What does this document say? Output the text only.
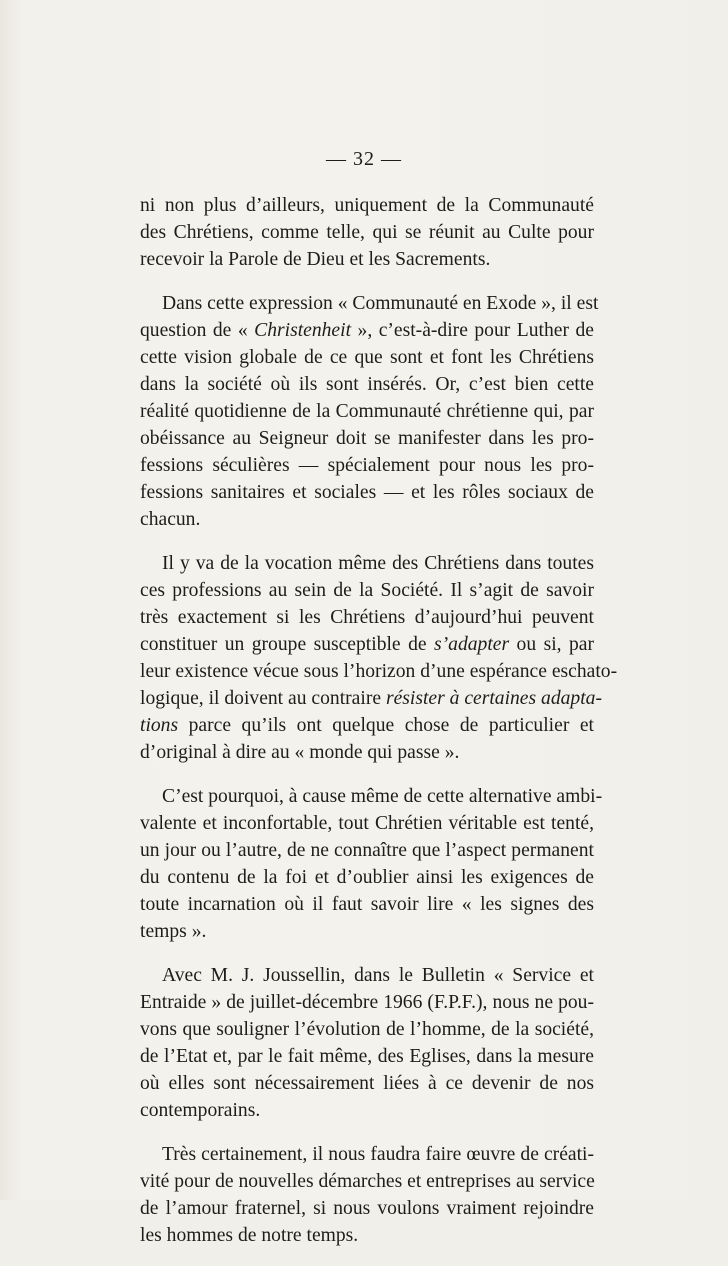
— 32 —
ni non plus d’ailleurs, uniquement de la Communauté
des Chrétiens, comme telle, qui se réunit au Culte pour
recevoir la Parole de Dieu et les Sacrements.
Dans cette expression « Communauté en Exode », il est
question de « Christenheit », c’est-à-dire pour Luther de
cette vision globale de ce que sont et font les Chrétiens
dans la société où ils sont insérés. Or, c’est bien cette
réalité quotidienne de la Communauté chrétienne qui, par
obéissance au Seigneur doit se manifester dans les pro-
fessions séculières — spécialement pour nous les pro-
fessions sanitaires et sociales — et les rôles sociaux de
chacun.
Il y va de la vocation même des Chrétiens dans toutes
ces professions au sein de la Société. Il s’agit de savoir
très exactement si les Chrétiens d’aujourd’hui peuvent
constituer un groupe susceptible de s’adapter ou si, par
leur existence vécue sous l’horizon d’une espérance eschato-
logique, il doivent au contraire résister à certaines adapta-
tions parce qu’ils ont quelque chose de particulier et
d’original à dire au « monde qui passe ».
C’est pourquoi, à cause même de cette alternative ambi-
valente et inconfortable, tout Chrétien véritable est tenté,
un jour ou l’autre, de ne connaître que l’aspect permanent
du contenu de la foi et d’oublier ainsi les exigences de
toute incarnation où il faut savoir lire « les signes des
temps ».
Avec M. J. Joussellin, dans le Bulletin « Service et
Entraide » de juillet-décembre 1966 (F.P.F.), nous ne pou-
vons que souligner l’évolution de l’homme, de la société,
de l’Etat et, par le fait même, des Eglises, dans la mesure
où elles sont nécessairement liées à ce devenir de nos
contemporains.
Très certainement, il nous faudra faire œuvre de créati-
vité pour de nouvelles démarches et entreprises au service
de l’amour fraternel, si nous voulons vraiment rejoindre
les hommes de notre temps.
